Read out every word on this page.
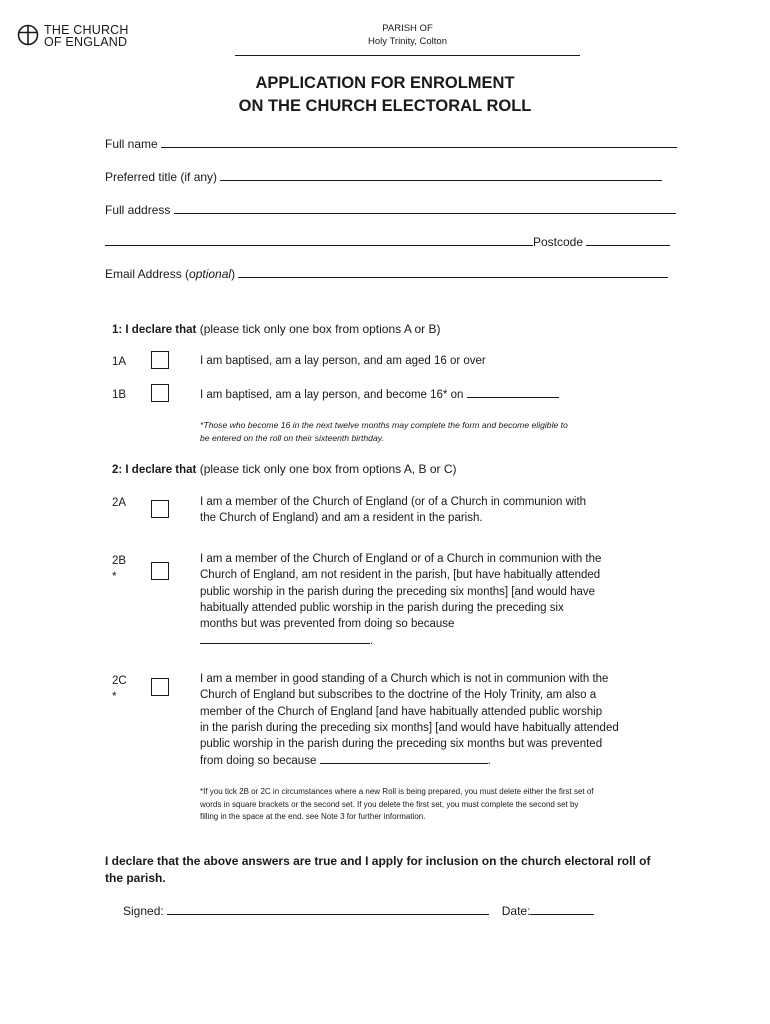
THE CHURCH
OF ENGLAND
PARISH OF
Holy Trinity, Colton
APPLICATION FOR ENROLMENT
ON THE CHURCH ELECTORAL ROLL
Full name
Preferred title (if any)
Full address
Postcode
Email Address (optional)
1: I declare that (please tick only one box from options A or B)
1A	I am baptised, am a lay person, and am aged 16 or over
1B	I am baptised, am a lay person, and become 16* on
*Those who become 16 in the next twelve months may complete the form and become eligible to
be entered on the roll on their sixteenth birthday.
2: I declare that (please tick only one box from options A, B or C)
2A	I am a member of the Church of England (or of a Church in communion with
the Church of England) and am a resident in the parish.
2B
*
I am a member of the Church of England or of a Church in communion with the
Church of England, am not resident in the parish, [but have habitually attended
public worship in the parish during the preceding six months] [and would have
habitually attended public worship in the parish during the preceding six
months but was prevented from doing so because
.
2C
*
I am a member in good standing of a Church which is not in communion with the
Church of England but subscribes to the doctrine of the Holy Trinity, am also a
member of the Church of England [and have habitually attended public worship
in the parish during the preceding six months] [and would have habitually attended
public worship in the parish during the preceding six months but was prevented
from doing so because	.
*If you tick 2B or 2C in circumstances where a new Roll is being prepared, you must delete either the first set of
words in square brackets or the second set. If you delete the first set, you must complete the second set by
filling in the space at the end. see Note 3 for further information.
I declare that the above answers are true and I apply for inclusion on the church electoral roll of
the parish.
Signed:	Date:
